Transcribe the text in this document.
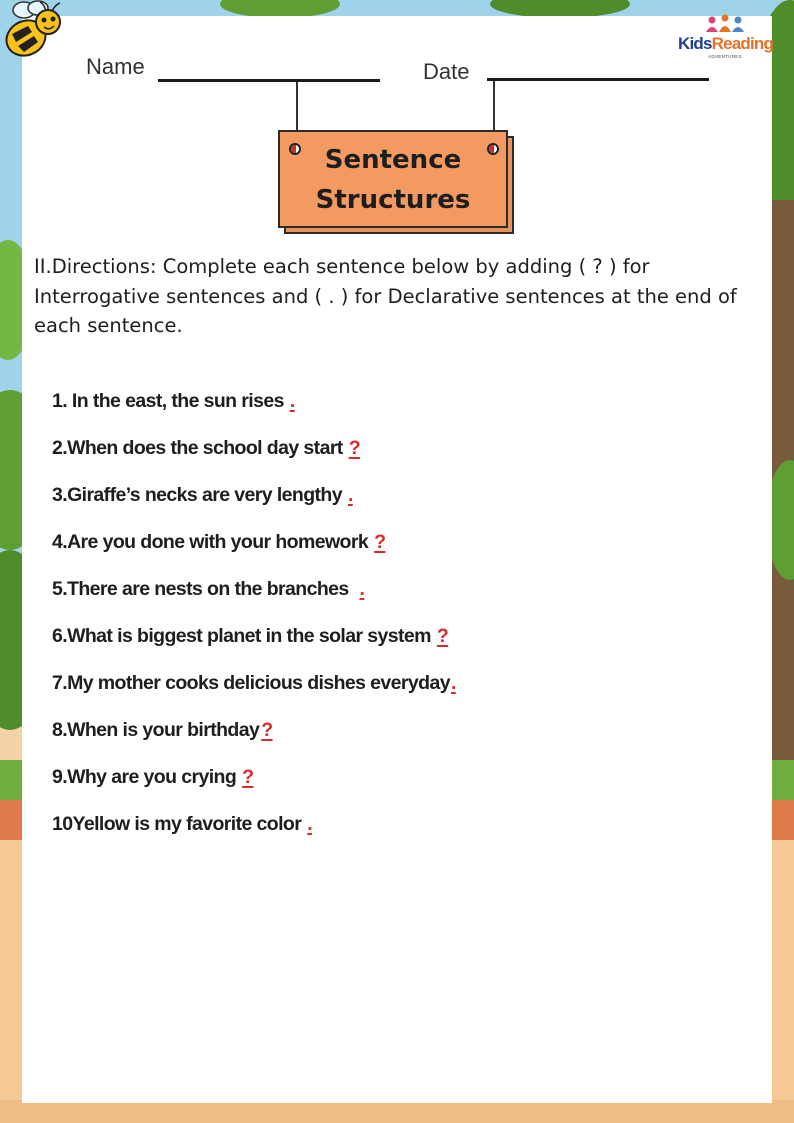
KidsReading
ADVENTURES
Name	Date
Sentence
Structures
II.Directions: Complete each sentence below by adding ( ? ) for Interrogative sentences and ( . ) for Declarative sentences at the end of each sentence.
1. In the east, the sun rises .
2.When does the school day start ?
3.Giraffe’s necks are very lengthy .
4.Are you done with your homework ?
5.There are nests on the branches .
6.What is biggest planet in the solar system ?
7.My mother cooks delicious dishes everyday.
8.When is your birthday ?
9.Why are you crying ?
10Yellow is my favorite color .
